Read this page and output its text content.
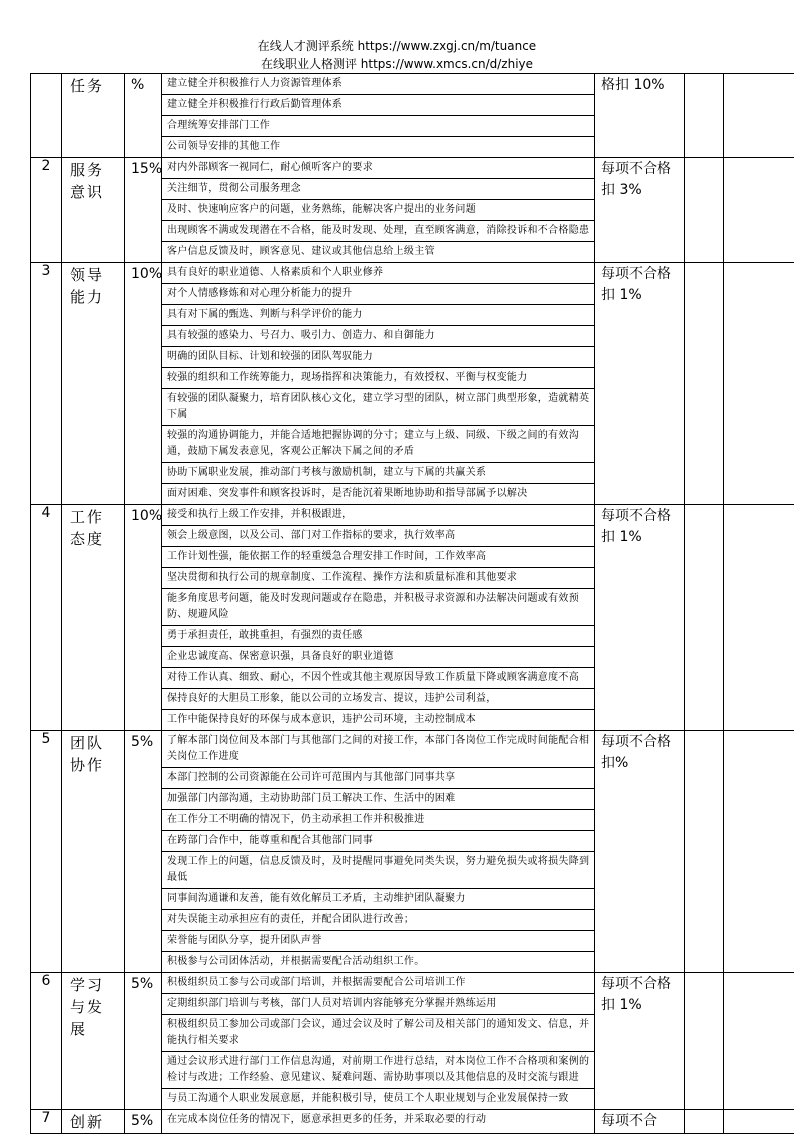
在线人才测评系统 https://www.zxgj.cn/m/tuance
在线职业人格测评 https://www.xmcs.cn/d/zhiye
	任务	%	建立健全并积极推行人力资源管理体系
建立健全并积极推行行政后勤管理体系
合理统筹安排部门工作
公司领导安排的其他工作
	格扣 10%			
2	服务意识	15%	对内外部顾客一视同仁，耐心倾听客户的要求
关注细节，贯彻公司服务理念
及时、快速响应客户的问题，业务熟练，能解决客户提出的业务问题
出现顾客不满或发现潜在不合格，能及时发现、处理，直至顾客满意，消除投诉和不合格隐患
客户信息反馈及时，顾客意见、建议或其他信息给上级主管
	每项不合格扣 3%			
3	领导能力	10%	具有良好的职业道德、人格素质和个人职业修养
对个人情感修炼和对心理分析能力的提升
具有对下属的甄选、判断与科学评价的能力
具有较强的感染力、号召力、吸引力、创造力、和自御能力
明确的团队目标、计划和较强的团队驾驭能力
较强的组织和工作统筹能力，现场指挥和决策能力，有效授权、平衡与权变能力
有较强的团队凝聚力，培育团队核心文化，建立学习型的团队，树立部门典型形象，造就精英下属
较强的沟通协调能力，并能合适地把握协调的分寸；建立与上级、同级、下级之间的有效沟通，鼓励下属发表意见，客观公正解决下属之间的矛盾
协助下属职业发展，推动部门考核与激励机制，建立与下属的共赢关系
面对困难、突发事件和顾客投诉时，是否能沉着果断地协助和指导部属予以解决
	每项不合格扣 1%			
4	工作态度	10%	接受和执行上级工作安排，并积极跟进，
领会上级意图，以及公司、部门对工作指标的要求，执行效率高
工作计划性强，能依据工作的轻重缓急合理安排工作时间，工作效率高
坚决贯彻和执行公司的规章制度、工作流程、操作方法和质量标准和其他要求
能多角度思考问题，能及时发现问题或存在隐患，并积极寻求资源和办法解决问题或有效预防、规避风险
勇于承担责任，敢挑重担，有强烈的责任感
企业忠诚度高、保密意识强，具备良好的职业道德
对待工作认真、细致、耐心，不因个性或其他主观原因导致工作质量下降或顾客满意度不高
保持良好的大胆员工形象，能以公司的立场发言、提议，违护公司利益，
工作中能保持良好的环保与成本意识，违护公司环境，主动控制成本
	每项不合格扣 1%			
5	团队协作	5%	了解本部门岗位间及本部门与其他部门之间的对接工作，本部门各岗位工作完成时间能配合相关岗位工作进度
本部门控制的公司资源能在公司许可范围内与其他部门同事共享
加强部门内部沟通，主动协助部门员工解决工作、生活中的困难
在工作分工不明确的情况下，仍主动承担工作并积极推进
在跨部门合作中，能尊重和配合其他部门同事
发现工作上的问题，信息反馈及时，及时提醒同事避免同类失误，努力避免损失或将损失降到最低
同事间沟通谦和友善，能有效化解员工矛盾，主动维护团队凝聚力
对失误能主动承担应有的责任，并配合团队进行改善；
荣誉能与团队分享，提升团队声誉
积极参与公司团体活动，并根据需要配合活动组织工作。
	每项不合格扣%			
6	学习与发展	5%	积极组织员工参与公司或部门培训，并根据需要配合公司培训工作
定期组织部门培训与考核，部门人员对培训内容能够充分掌握并熟练运用
积极组织员工参加公司或部门会议，通过会议及时了解公司及相关部门的通知发文、信息，并能执行相关要求
通过会议形式进行部门工作信息沟通，对前期工作进行总结，对本岗位工作不合格项和案例的检讨与改进；工作经验、意见建议、疑难问题、需协助事项以及其他信息的及时交流与跟进
与员工沟通个人职业发展意愿，并能积极引导，使员工个人职业规划与企业发展保持一致
	每项不合格扣 1%			
7	创新	5%	在完成本岗位任务的情况下，愿意承担更多的任务，并采取必要的行动
		每项不合			
